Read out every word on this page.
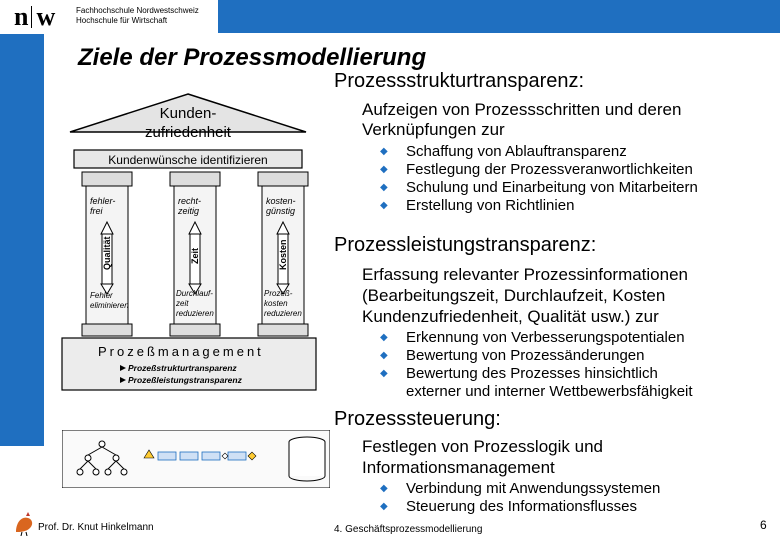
n w	Fachhochschule Nordwestschweiz
Hochschule für Wirtschaft
Ziele der Prozessmodellierung
Kunden-
zufriedenheit
Kundenwünsche identifizieren
fehler-
frei
Qualität
Fehler
eliminieren
recht-
zeitig
Zeit
Durchlauf-
zeit
reduzieren
kosten-
günstig
Kosten
Prozeß-
kosten
reduzieren
Prozeßmanagement
Prozeßstrukturtransparenz
Prozeßleistungstransparenz
Prozessstrukturtransparenz:
Aufzeigen von Prozessschritten und deren
Verknüpfungen zur
◆ Schaffung von Ablauftransparenz
◆ Festlegung der Prozessveranwortlichkeiten
◆ Schulung und Einarbeitung von Mitarbeitern
◆ Erstellung von Richtlinien
Prozessleistungstransparenz:
Erfassung relevanter Prozessinformationen
(Bearbeitungszeit, Durchlaufzeit, Kosten
Kundenzufriedenheit, Qualität usw.) zur
◆ Erkennung von Verbesserungspotentialen
◆ Bewertung von Prozessänderungen
◆ Bewertung des Prozesses hinsichtlich
externer und interner Wettbewerbsfähigkeit
Prozesssteuerung:
Festlegen von Prozesslogik und
Informationsmanagement
◆ Verbindung mit Anwendungssystemen
◆ Steuerung des Informationsflusses
Prof. Dr. Knut Hinkelmann	4. Geschäftsprozessmodellierung	6
